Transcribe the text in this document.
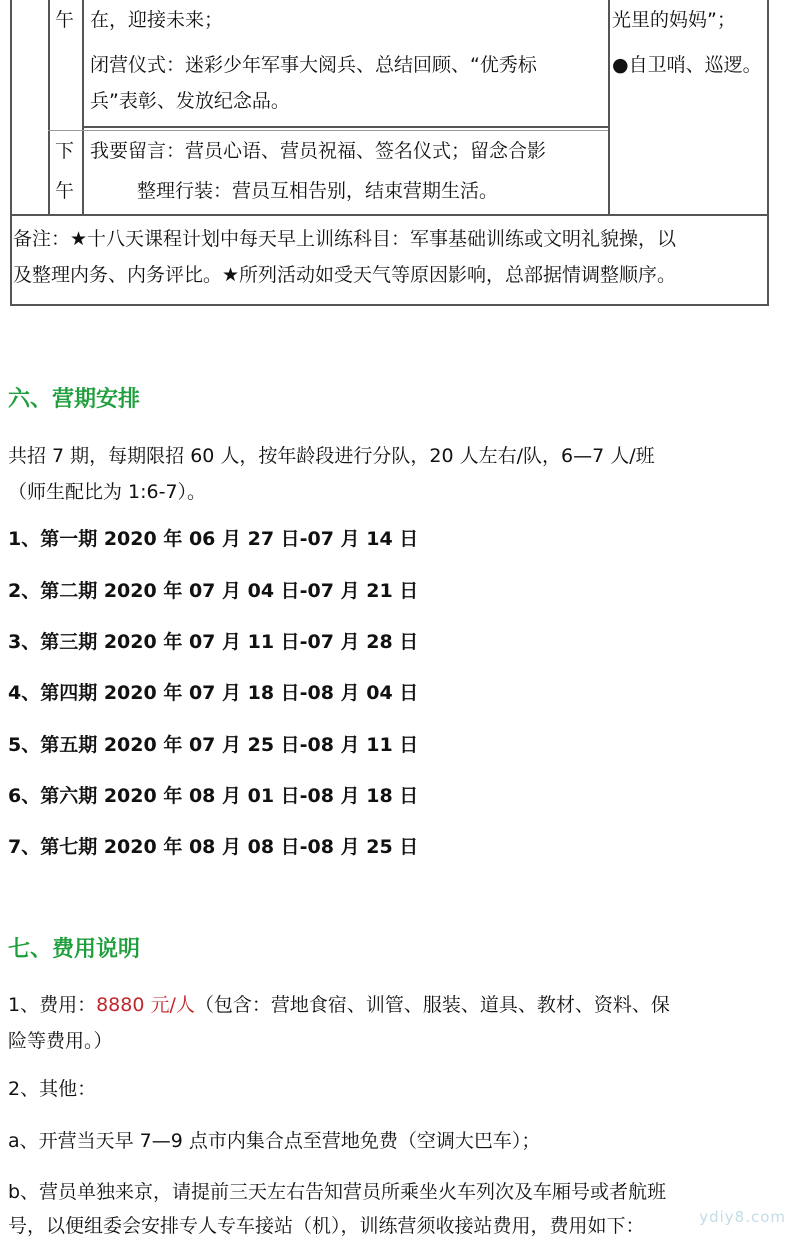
午 在，迎接未来；
闭营仪式：迷彩少年军事大阅兵、总结回顾、“优秀标
兵”表彰、发放纪念品。
光里的妈妈”；
●自卫哨、巡逻。
下
午
我要留言：营员心语、营员祝福、签名仪式；留念合影
整理行装：营员互相告别，结束营期生活。
备注：★十八天课程计划中每天早上训练科目：军事基础训练或文明礼貌操，以
及整理内务、内务评比。★所列活动如受天气等原因影响，总部据情调整顺序。
六、营期安排
共招 7 期，每期限招 60 人，按年龄段进行分队，20 人左右/队，6—7 人/班
（师生配比为 1:6-7）。
1、第一期 2020 年 06 月 27 日-07 月 14 日
2、第二期 2020 年 07 月 04 日-07 月 21 日
3、第三期 2020 年 07 月 11 日-07 月 28 日
4、第四期 2020 年 07 月 18 日-08 月 04 日
5、第五期 2020 年 07 月 25 日-08 月 11 日
6、第六期 2020 年 08 月 01 日-08 月 18 日
7、第七期 2020 年 08 月 08 日-08 月 25 日
七、费用说明
1、费用：8880 元/人（包含：营地食宿、训管、服装、道具、教材、资料、保
险等费用。）
2、其他：
a、开营当天早 7—9 点市内集合点至营地免费（空调大巴车）；
b、营员单独来京，请提前三天左右告知营员所乘坐火车列次及车厢号或者航班
号，以便组委会安排专人专车接站（机），训练营须收接站费用，费用如下：	ydiy8.com
